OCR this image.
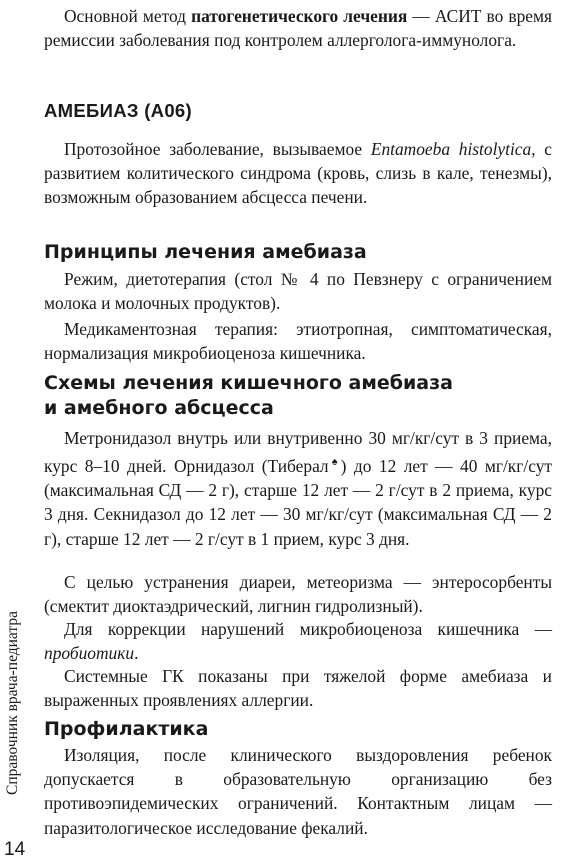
Основной метод патогенетического лечения — АСИТ во время ремиссии заболевания под контролем аллерголога-иммунолога.

АМЕБИАЗ (А06)

Протозойное заболевание, вызываемое Entamoeba histolytica, с развитием колитического синдрома (кровь, слизь в кале, тенезмы), возможным образованием абсцесса печени.

Принципы лечения амебиаза

Режим, диетотерапия (стол № 4 по Певзнеру с ограничением молока и молочных продуктов).

Медикаментозная терапия: этиотропная, симптоматическая, нормализация микробиоценоза кишечника.

Схемы лечения кишечного амебиаза
и амебного абсцесса

Метронидазол внутрь или внутривенно 30 мг/кг/сут в 3 приема, курс 8–10 дней. Орнидазол (Тиберал♠) до 12 лет — 40 мг/кг/сут (максимальная СД — 2 г), старше 12 лет — 2 г/сут в 2 приема, курс 3 дня. Секнидазол до 12 лет — 30 мг/кг/сут (максимальная СД — 2 г), старше 12 лет — 2 г/сут в 1 прием, курс 3 дня.

С целью устранения диареи, метеоризма — энтеросорбенты (смектит диоктаэдрический, лигнин гидролизный).

Для коррекции нарушений микробиоценоза кишечника — пробиотики.

Системные ГК показаны при тяжелой форме амебиаза и выраженных проявлениях аллергии.

Профилактика

Изоляция, после клинического выздоровления ребенок допускается в образовательную организацию без противоэпидемических ограничений. Контактным лицам — паразитологическое исследование фекалий.

Справочник врача-педиатра
14
